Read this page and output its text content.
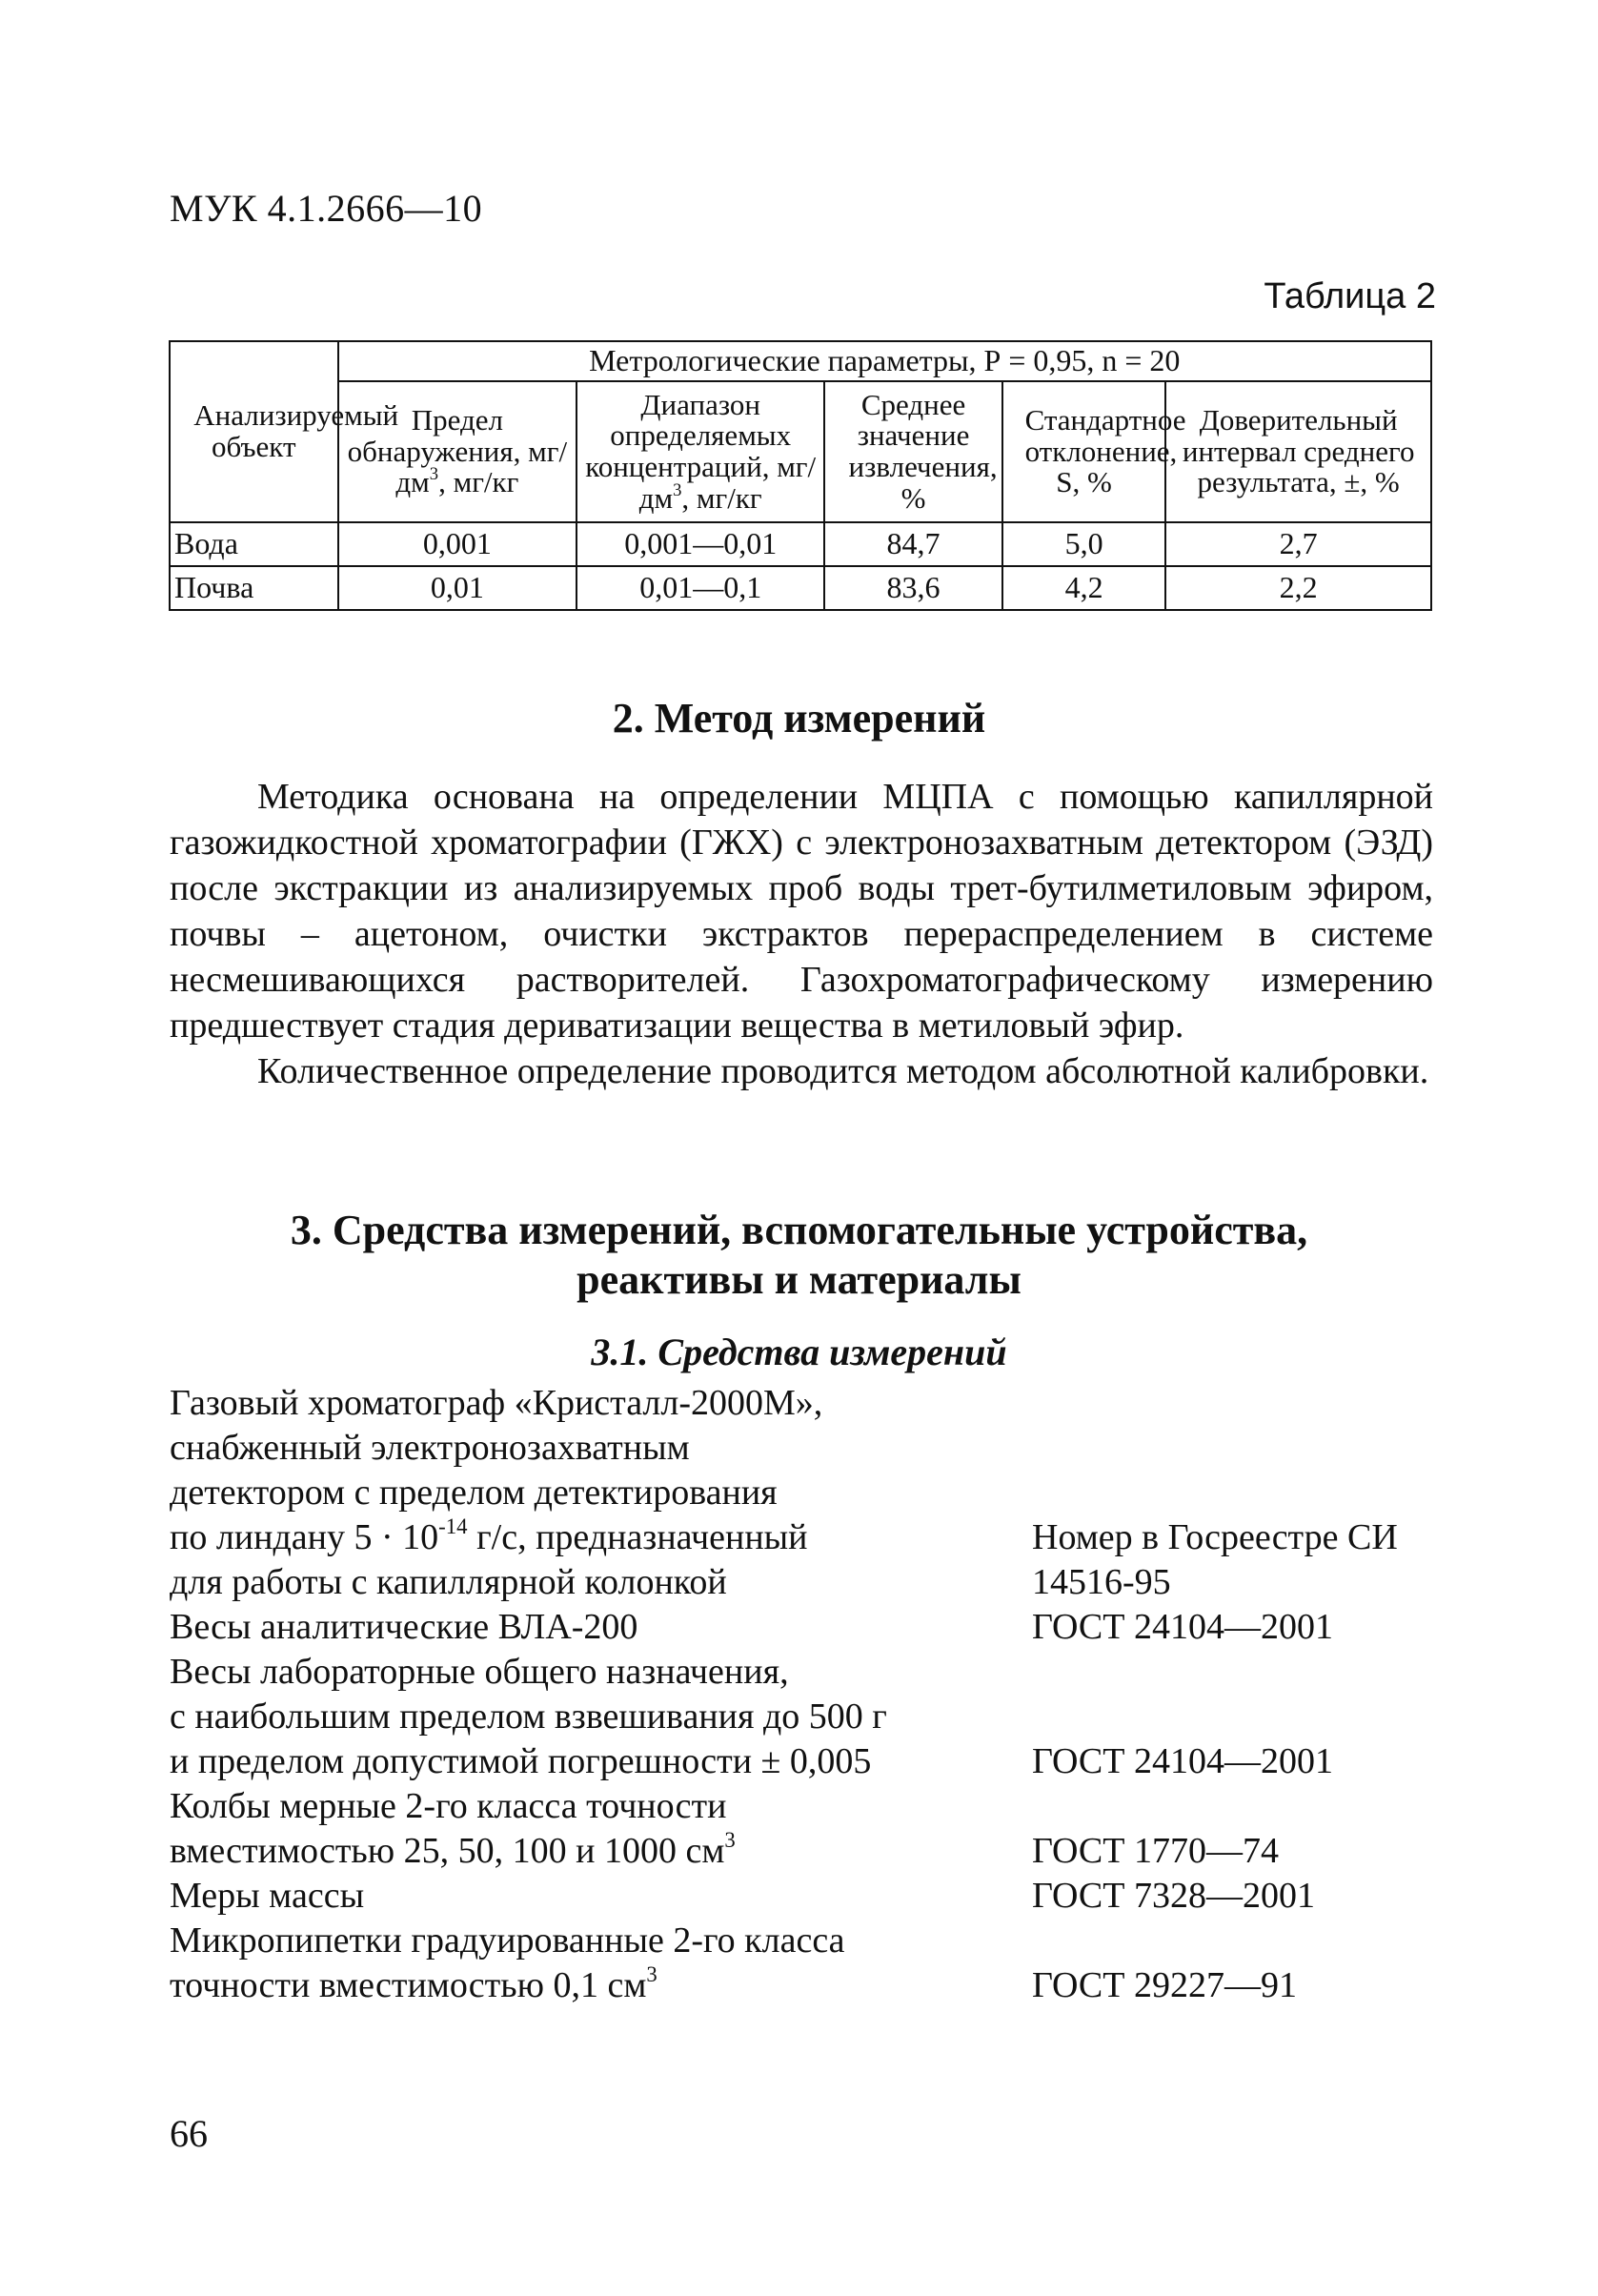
МУК 4.1.2666—10
Таблица 2
Анализируемый объект	Метрологические параметры, Р = 0,95, n = 20				
	Предел обнаружения, $мг/дм^3$, мг/кг	Диапазон определяемых концентраций, $мг/дм^3$, мг/кг	Среднее значение извлечения, %	Стандартное отклонение, S, %	Доверительный интервал среднего результата, ±, %
Вода	0,001	0,001—0,01	84,7	5,0	2,7
Почва	0,01	0,01—0,1	83,6	4,2	2,2
2. Метод измерений

Методика основана на определении МЦПА с помощью капиллярной газожидкостной хроматографии (ГЖХ) с электронозахватным детектором (ЭЗД) после экстракции из анализируемых проб воды трет-бутилметиловым эфиром, почвы – ацетоном, очистки экстрактов перераспределением в системе несмешивающихся растворителей. Газохроматографическому измерению предшествует стадия дериватизации вещества в метиловый эфир.

Количественное определение проводится методом абсолютной калибровки.

3. Средства измерений, вспомогательные устройства,
реактивы и материалы
3.1. Средства измерений
Газовый хроматограф «Кристалл-2000М»,
снабженный электронозахватным
детектором с пределом детектирования
по линдану $5 \cdot 10^{-14}$ г/с, предназначенный	Номер в Госреестре СИ
для работы с капиллярной колонкой	14516-95
Весы аналитические ВЛА-200	ГОСТ 24104—2001
Весы лабораторные общего назначения,
с наибольшим пределом взвешивания до 500 г
и пределом допустимой погрешности ± 0,005	ГОСТ 24104—2001
Колбы мерные 2-го класса точности
вместимостью 25, 50, 100 и 1000 $см^3$	ГОСТ 1770—74
Меры массы	ГОСТ 7328—2001
Микропипетки градуированные 2-го класса
точности вместимостью 0,1 $см^3$	ГОСТ 29227—91
66
